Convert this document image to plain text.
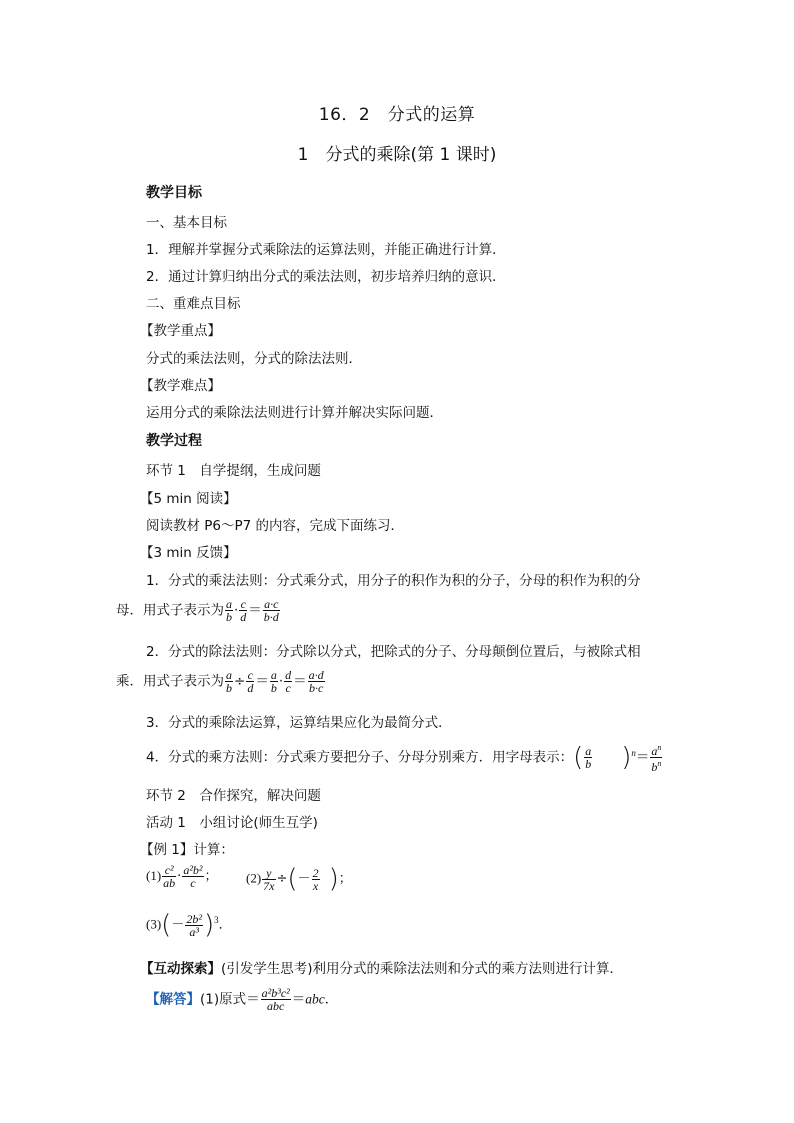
16．2　分式的运算
1　分式的乘除(第 1 课时)
教学目标
一、基本目标
1．理解并掌握分式乘除法的运算法则，并能正确进行计算．
2．通过计算归纳出分式的乘法法则，初步培养归纳的意识．
二、重难点目标
【教学重点】
分式的乘法法则，分式的除法法则．
【教学难点】
运用分式的乘除法法则进行计算并解决实际问题．
教学过程
环节 1　自学提纲，生成问题
【5 min 阅读】
阅读教材 P6～P7 的内容，完成下面练习．
【3 min 反馈】
1．分式的乘法法则：分式乘分式，用分子的积作为积的分子，分母的积作为积的分
母．用式子表示为 $\frac{a}{b} \cdot \frac{c}{d} = \frac{a\cdot c}{b\cdot d}$
2．分式的除法法则：分式除以分式，把除式的分子、分母颠倒位置后，与被除式相
乘．用式子表示为 $\frac{a}{b} \div \frac{c}{d} = \frac{a}{b} \cdot \frac{d}{c} = \frac{a\cdot d}{b\cdot c}$
3．分式的乘除法运算，运算结果应化为最简分式．
4．分式的乘方法则：分式乘方要把分子、分母分别乘方．用字母表示：( $\frac{a}{b} )^n= \frac{a^n}{b^n}$
环节 2　合作探究，解决问题
活动 1　小组讨论(师生互学)
【例 1】计算：
$(1) \frac{\text{c²}}{ab} \cdot \frac{\text{a²b²}}{c}$ ； $(2) \frac{y}{7x}$ ÷(－ $\frac{2}{x}$ )；
$(3)(- \frac{\text{2b²}}{\text{a³}} )^3$．
【互动探索】(引发学生思考)利用分式的乘除法法则和分式的乘方法则进行计算．
【解答】(1)原式＝ $\frac{\text{a²b³c²}}{\text{abc}} =abc$．
